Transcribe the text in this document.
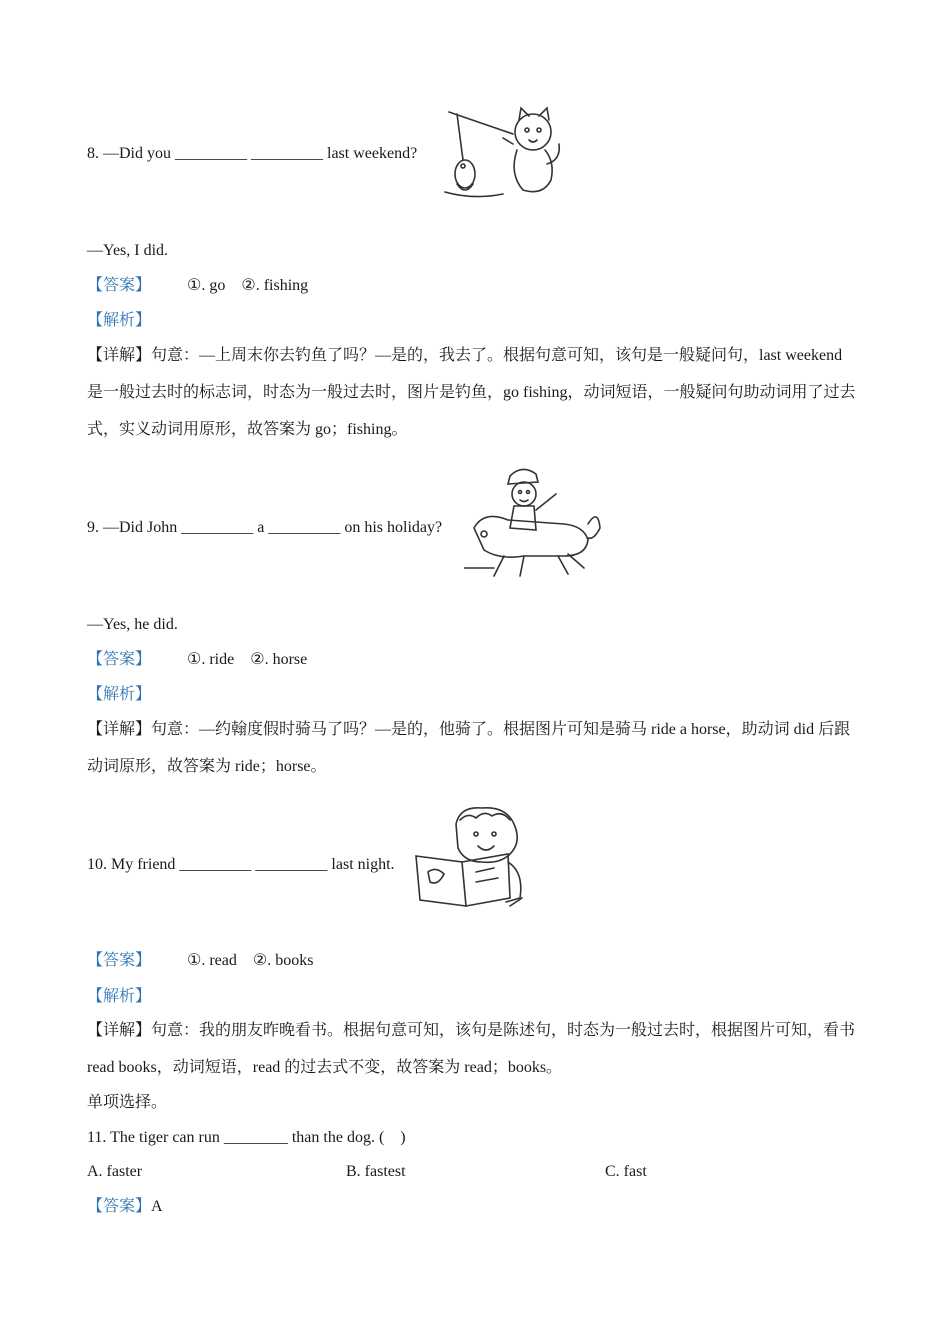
8. —Did you _________ _________ last weekend?
—Yes, I did.
【答案】 ①. go　②. fishing
【解析】
【详解】句意：—上周末你去钓鱼了吗？—是的，我去了。根据句意可知，该句是一般疑问句，last weekend 是一般过去时的标志词，时态为一般过去时，图片是钓鱼，go fishing，动词短语，一般疑问句助动词用了过去式，实义动词用原形，故答案为 go；fishing。
9. —Did John _________ a _________ on his holiday?
—Yes, he did.
【答案】 ①. ride　②. horse
【解析】
【详解】句意：—约翰度假时骑马了吗？—是的，他骑了。根据图片可知是骑马 ride a horse，助动词 did 后跟动词原形，故答案为 ride；horse。
10. My friend _________ _________ last night.
【答案】 ①. read　②. books
【解析】
【详解】句意：我的朋友昨晚看书。根据句意可知，该句是陈述句，时态为一般过去时，根据图片可知，看书 read books，动词短语，read 的过去式不变，故答案为 read；books。
单项选择。
11. The tiger can run ________ than the dog. (　)
A. faster	B. fastest	C. fast
【答案】A
